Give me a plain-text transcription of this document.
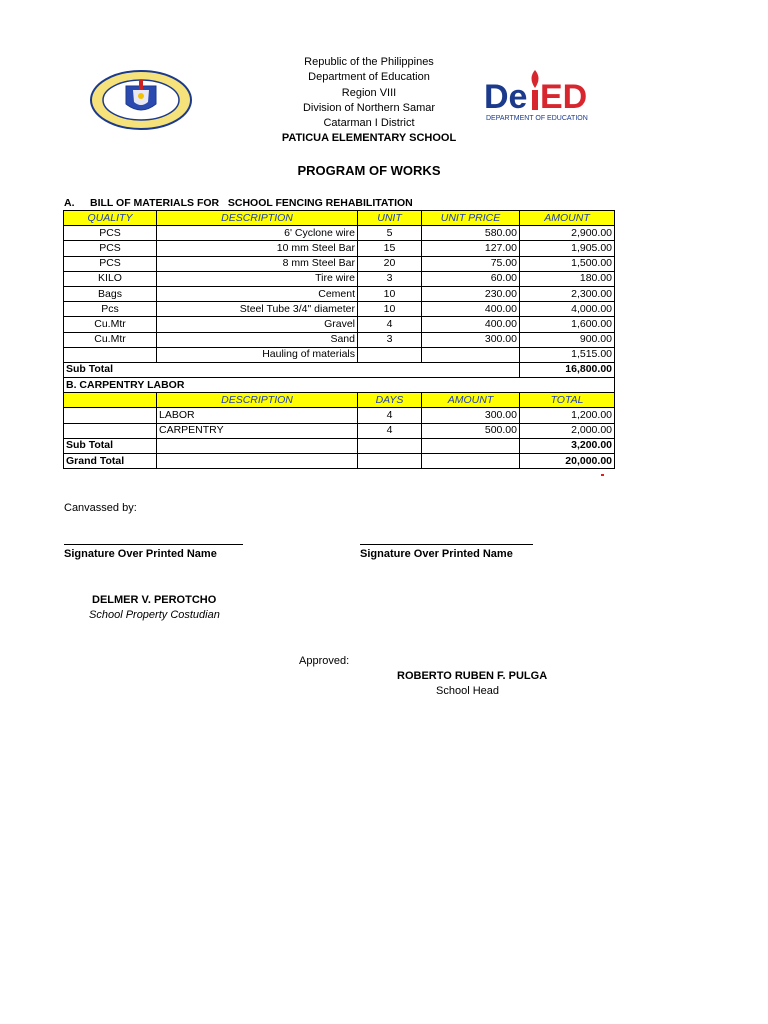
De ED
DEPARTMENT OF EDUCATION
Republic of the Philippines
Department of Education
Region VIII
Division of Northern Samar
Catarman I District
PATICUA ELEMENTARY SCHOOL
PROGRAM OF WORKS
A. BILL OF MATERIALS FOR   SCHOOL FENCING REHABILITATION
QUALITY	DESCRIPTION	UNIT	UNIT PRICE	AMOUNT
PCS	6' Cyclone wire	5	580.00	2,900.00
PCS	10 mm Steel Bar	15	127.00	1,905.00
PCS	8 mm Steel Bar	20	75.00	1,500.00
KILO	Tire wire	3	60.00	180.00
Bags	Cement	10	230.00	2,300.00
Pcs	Steel Tube 3/4" diameter	10	400.00	4,000.00
Cu.Mtr	Gravel	4	400.00	1,600.00
Cu.Mtr	Sand	3	300.00	900.00
	Hauling of materials			1,515.00
Sub Total				16,800.00
B. CARPENTRY LABOR				
	DESCRIPTION	DAYS	AMOUNT	TOTAL
	LABOR	4	300.00	1,200.00
	CARPENTRY	4	500.00	2,000.00
Sub Total				3,200.00
Grand Total				20,000.00
Canvassed by:
Signature Over Printed Name	Signature Over Printed Name
DELMER V. PEROTCHO
School Property Costudian
Approved:
ROBERTO RUBEN F. PULGA
School Head
